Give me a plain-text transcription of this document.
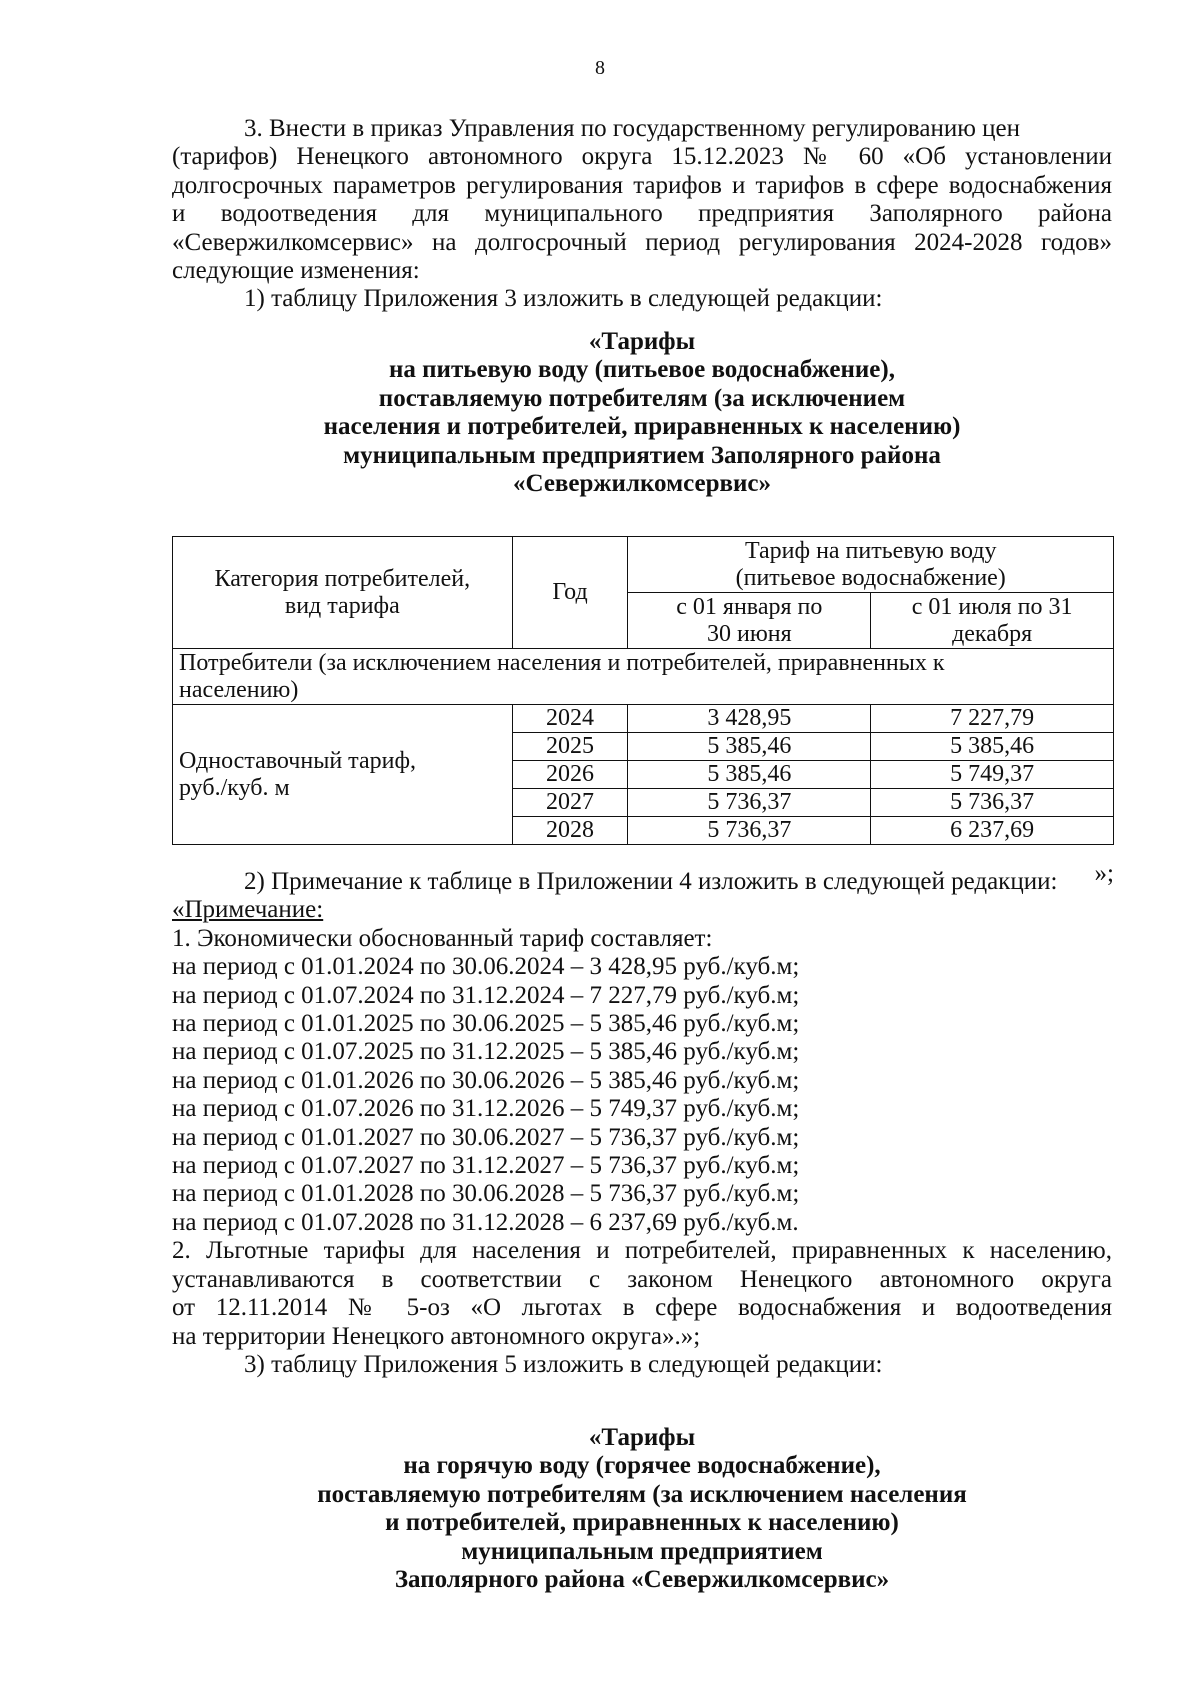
8

3. Внести в приказ Управления по государственному регулированию цен

(тарифов) Ненецкого автономного округа 15.12.2023 № 60 «Об установлении

долгосрочных параметров регулирования тарифов и тарифов в сфере водоснабжения

и водоотведения для муниципального предприятия Заполярного района

«Севержилкомсервис» на долгосрочный период регулирования 2024-2028 годов»

следующие изменения:

1) таблицу Приложения 3 изложить в следующей редакции:

«Тарифы

на питьевую воду (питьевое водоснабжение),

поставляемую потребителям (за исключением

населения и потребителей, приравненных к населению)

муниципальным предприятием Заполярного района

«Севержилкомсервис»

Категория потребителей, вид тарифа	Год	Тариф на питьевую воду (питьевое водоснабжение)	
		с 01 января по 30 июня	с 01 июля по 31 декабря
Потребители (за исключением населения и потребителей, приравненных к населению)			
Одноставочный тариф, руб./куб. м	2024	3 428,95	7 227,79
	2025	5 385,46	5 385,46
	2026	5 385,46	5 749,37
	2027	5 736,37	5 736,37
	2028	5 736,37	6 237,69
»;

2) Примечание к таблице в Приложении 4 изложить в следующей редакции:

«Примечание:

1. Экономически обоснованный тариф составляет:

на период с 01.01.2024 по 30.06.2024 – 3 428,95 руб./куб.м;

на период с 01.07.2024 по 31.12.2024 – 7 227,79 руб./куб.м;

на период с 01.01.2025 по 30.06.2025 – 5 385,46 руб./куб.м;

на период с 01.07.2025 по 31.12.2025 – 5 385,46 руб./куб.м;

на период с 01.01.2026 по 30.06.2026 – 5 385,46 руб./куб.м;

на период с 01.07.2026 по 31.12.2026 – 5 749,37 руб./куб.м;

на период с 01.01.2027 по 30.06.2027 – 5 736,37 руб./куб.м;

на период с 01.07.2027 по 31.12.2027 – 5 736,37 руб./куб.м;

на период с 01.01.2028 по 30.06.2028 – 5 736,37 руб./куб.м;

на период с 01.07.2028 по 31.12.2028 – 6 237,69 руб./куб.м.

2. Льготные тарифы для населения и потребителей, приравненных к населению,

устанавливаются в соответствии с законом Ненецкого автономного округа

от 12.11.2014 № 5-оз «О льготах в сфере водоснабжения и водоотведения

на территории Ненецкого автономного округа».»;

3) таблицу Приложения 5 изложить в следующей редакции:

«Тарифы

на горячую воду (горячее водоснабжение),

поставляемую потребителям (за исключением населения

и потребителей, приравненных к населению)

муниципальным предприятием

Заполярного района «Севержилкомсервис»
